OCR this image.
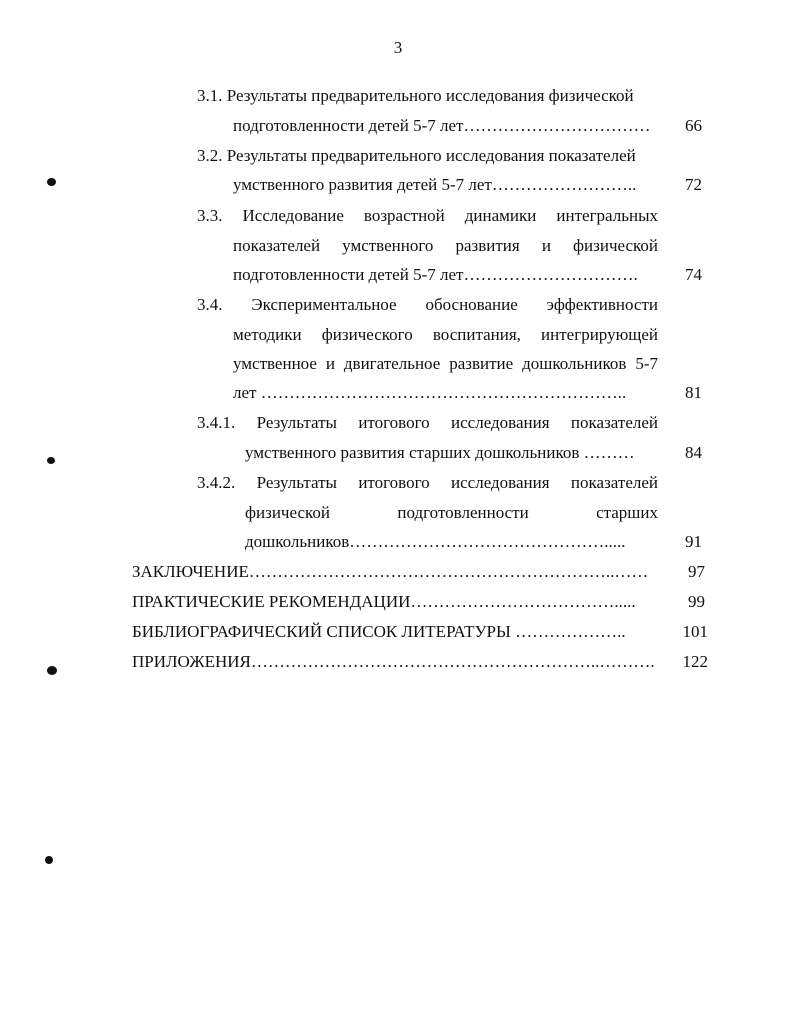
3
3.1. Результаты предварительного исследования физической
подготовленности детей 5-7 лет……………………………	66
3.2. Результаты предварительного исследования показателей
умственного развития детей 5-7 лет……………………..	72
3.3. Исследование возрастной динамики интегральных
показателей умственного развития и физической
подготовленности детей 5-7 лет………………………….	74
3.4. Экспериментальное обоснование эффективности
методики физического воспитания, интегрирующей
умственное и двигательное развитие дошкольников 5-7
лет ………………………………………………………..	81
3.4.1. Результаты итогового исследования показателей
умственного развития старших дошкольников ………	84
3.4.2. Результаты итогового исследования показателей
физической подготовленности старших
дошкольников……………………………………….....	91
ЗАКЛЮЧЕНИЕ………………………………………………………..……	97
ПРАКТИЧЕСКИЕ РЕКОМЕНДАЦИИ……………………………….....	99
БИБЛИОГРАФИЧЕСКИЙ СПИСОК ЛИТЕРАТУРЫ ………………..	101
ПРИЛОЖЕНИЯ……………………………………………………..……….	122
